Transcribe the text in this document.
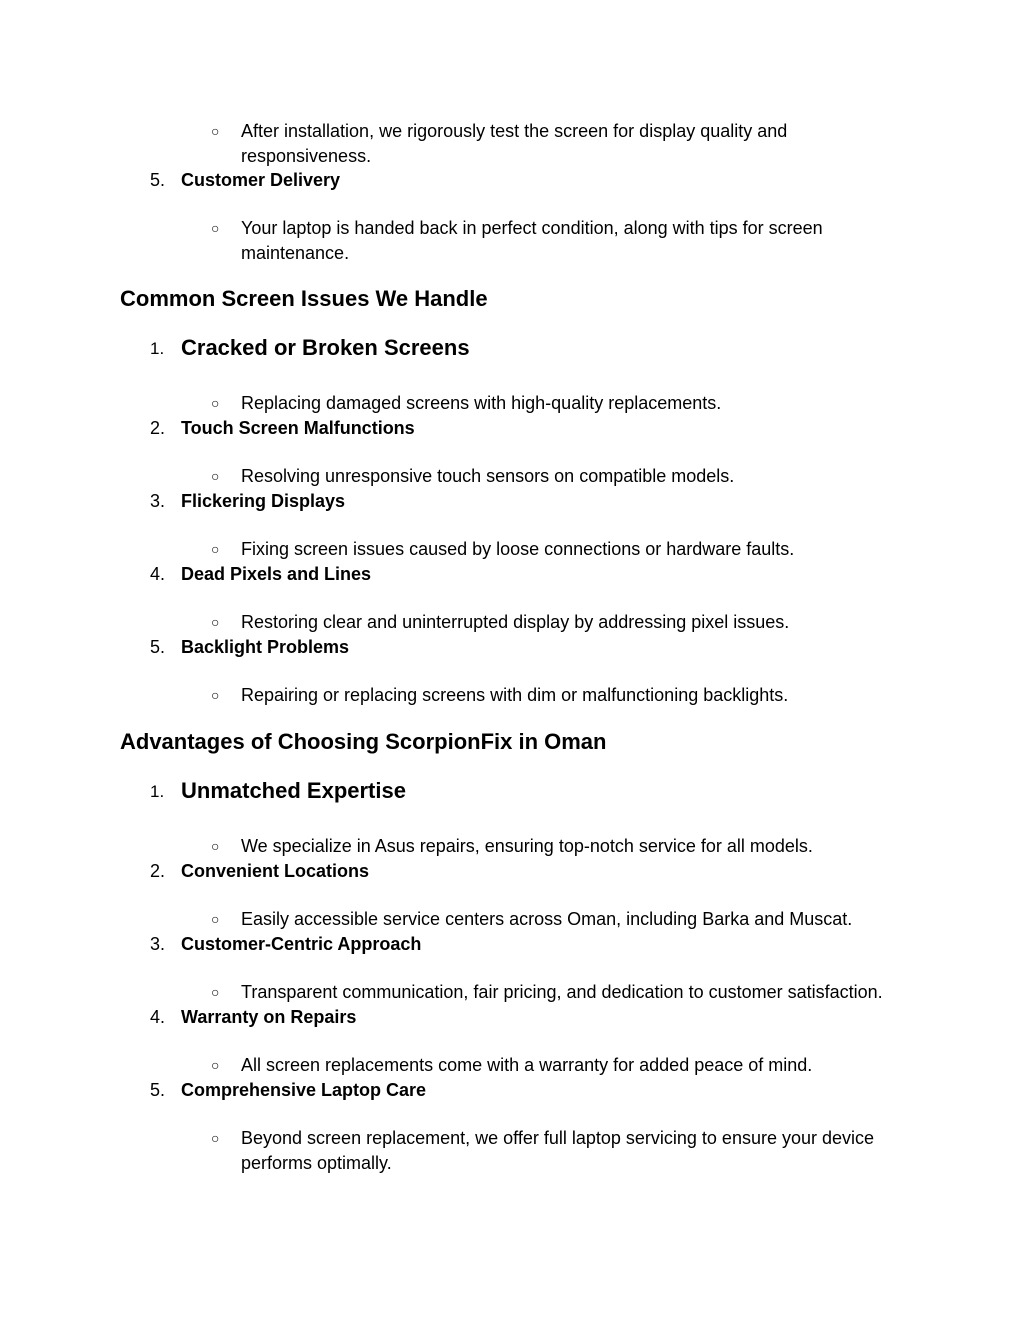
○ After installation, we rigorously test the screen for display quality and
responsiveness.
5. Customer Delivery
○ Your laptop is handed back in perfect condition, along with tips for screen
maintenance.
Common Screen Issues We Handle
1. Cracked or Broken Screens
○ Replacing damaged screens with high-quality replacements.
2. Touch Screen Malfunctions
○ Resolving unresponsive touch sensors on compatible models.
3. Flickering Displays
○ Fixing screen issues caused by loose connections or hardware faults.
4. Dead Pixels and Lines
○ Restoring clear and uninterrupted display by addressing pixel issues.
5. Backlight Problems
○ Repairing or replacing screens with dim or malfunctioning backlights.
Advantages of Choosing ScorpionFix in Oman
1. Unmatched Expertise
○ We specialize in Asus repairs, ensuring top-notch service for all models.
2. Convenient Locations
○ Easily accessible service centers across Oman, including Barka and Muscat.
3. Customer-Centric Approach
○ Transparent communication, fair pricing, and dedication to customer satisfaction.
4. Warranty on Repairs
○ All screen replacements come with a warranty for added peace of mind.
5. Comprehensive Laptop Care
○ Beyond screen replacement, we offer full laptop servicing to ensure your device
performs optimally.
